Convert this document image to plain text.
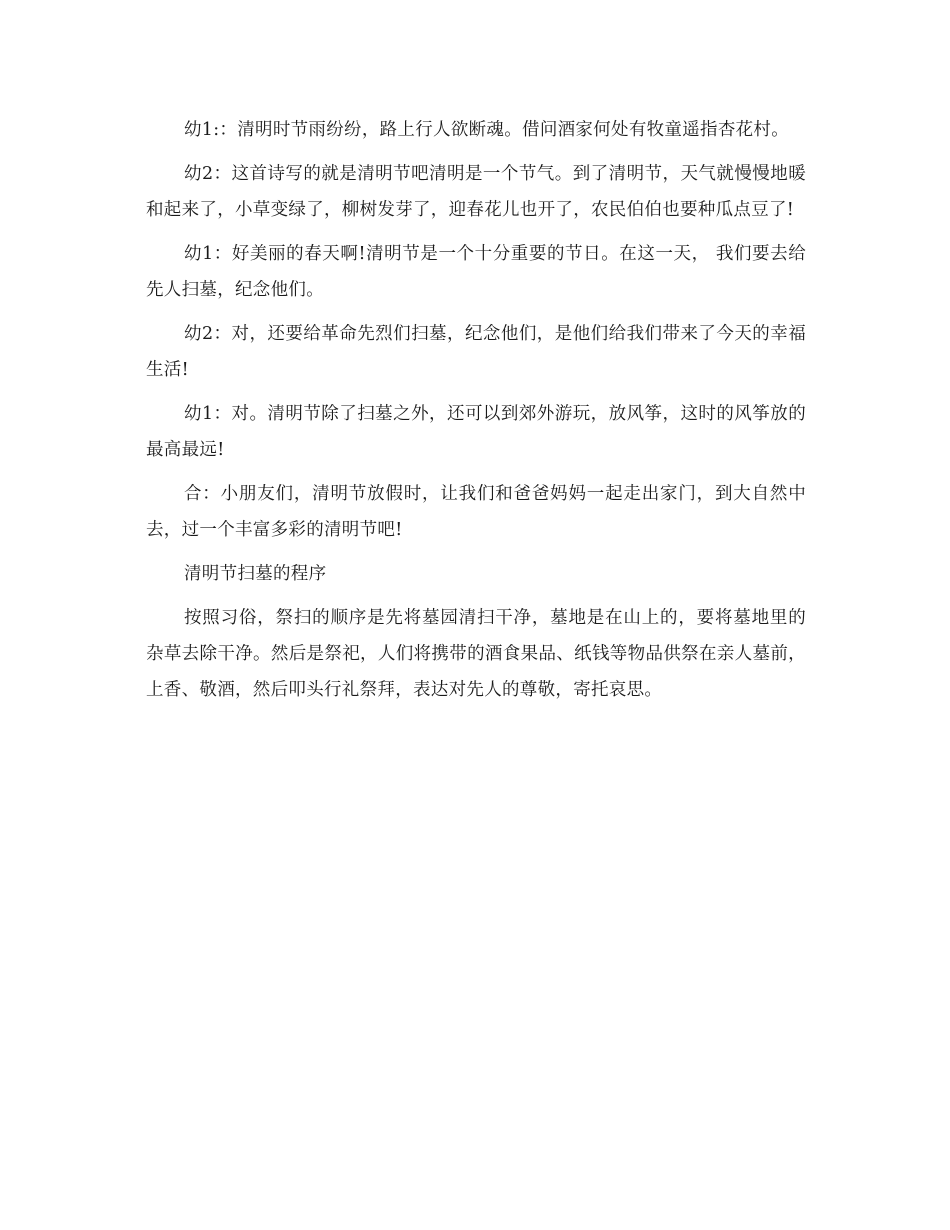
幼1:：清明时节雨纷纷，路上行人欲断魂。借问酒家何处有牧童遥指杏花村。

幼2：这首诗写的就是清明节吧清明是一个节气。到了清明节，天气就慢慢地暖和起来了，小草变绿了，柳树发芽了，迎春花儿也开了，农民伯伯也要种瓜点豆了!

幼1：好美丽的春天啊!清明节是一个十分重要的节日。在这一天， 我们要去给先人扫墓，纪念他们。

幼2：对，还要给革命先烈们扫墓，纪念他们，是他们给我们带来了今天的幸福生活!

幼1：对。清明节除了扫墓之外，还可以到郊外游玩，放风筝，这时的风筝放的最高最远!

合：小朋友们，清明节放假时，让我们和爸爸妈妈一起走出家门，到大自然中去，过一个丰富多彩的清明节吧!

清明节扫墓的程序

按照习俗，祭扫的顺序是先将墓园清扫干净，墓地是在山上的，要将墓地里的杂草去除干净。然后是祭祀，人们将携带的酒食果品、纸钱等物品供祭在亲人墓前，上香、敬酒，然后叩头行礼祭拜，表达对先人的尊敬，寄托哀思。
